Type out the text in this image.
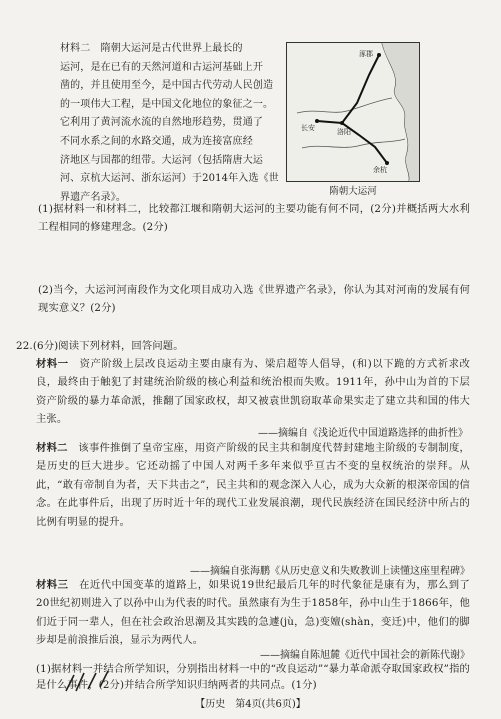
材料二　隋朝大运河是古代世界上最长的
运河，是在已有的天然河道和古运河基础上开
凿的，并且使用至今，是中国古代劳动人民创造
的一项伟大工程，是中国文化地位的象征之一。
它利用了黄河流水流的自然地形趋势，贯通了
不同水系之间的水路交通，成为连接富庶经
济地区与国都的纽带。大运河（包括隋唐大运
河、京杭大运河、浙东运河）于2014年入选《世
界遗产名录》。
涿郡
长安	洛阳
余杭
隋朝大运河
(1)据材料一和材料二，比较都江堰和隋朝大运河的主要功能有何不同，(2分)并概括两大水利工程相同的修建理念。(2分)
(2)当今，大运河河南段作为文化项目成功入选《世界遗产名录》，你认为其对河南的发展有何现实意义？(2分)
22.(6分)阅读下列材料，回答问题。
材料一　资产阶级上层改良运动主要由康有为、梁启超等人倡导，(和)以下跪的方式祈求改良，最终由于触犯了封建统治阶级的核心利益和统治根而失败。1911年，孙中山为首的下层资产阶级的暴力革命派，推翻了国家政权，却又被袁世凯窃取革命果实走了建立共和国的伟大主张。
——摘编自《浅论近代中国道路选择的曲折性》
材料二　该事件推倒了皇帝宝座，用资产阶级的民主共和制度代替封建地主阶级的专制制度，是历史的巨大进步。它还动摇了中国人对两千多年来似乎亘古不变的皇权统治的崇拜。从此，“敢有帝制自为者，天下共击之”，民主共和的观念深入人心，成为大众新的根深帝国的信念。在此事件后，出现了历时近十年的现代工业发展浪潮，现代民族经济在国民经济中所占的比例有明显的提升。
——摘编自张海鹏《从历史意义和失败教训上读懂这座里程碑》
材料三　在近代中国变革的道路上，如果说19世纪最后几年的时代象征是康有为，那么到了20世纪初则进入了以孙中山为代表的时代。虽然康有为生于1858年，孙中山生于1866年，他们近于同一辈人，但在社会政治思潮及其实践的急遽(jù，急)变嬗(shàn，变迁)中，他们的脚步却是前浪推后浪，显示为两代人。
——摘编自陈旭麓《近代中国社会的新陈代谢》
(1)据材料一并结合所学知识，分别指出材料一中的“改良运动”“暴力革命派夺取国家政权”指的是什么事件，(2分)并结合所学知识归纳两者的共同点。(1分)
【历史　第4页(共6页)】
